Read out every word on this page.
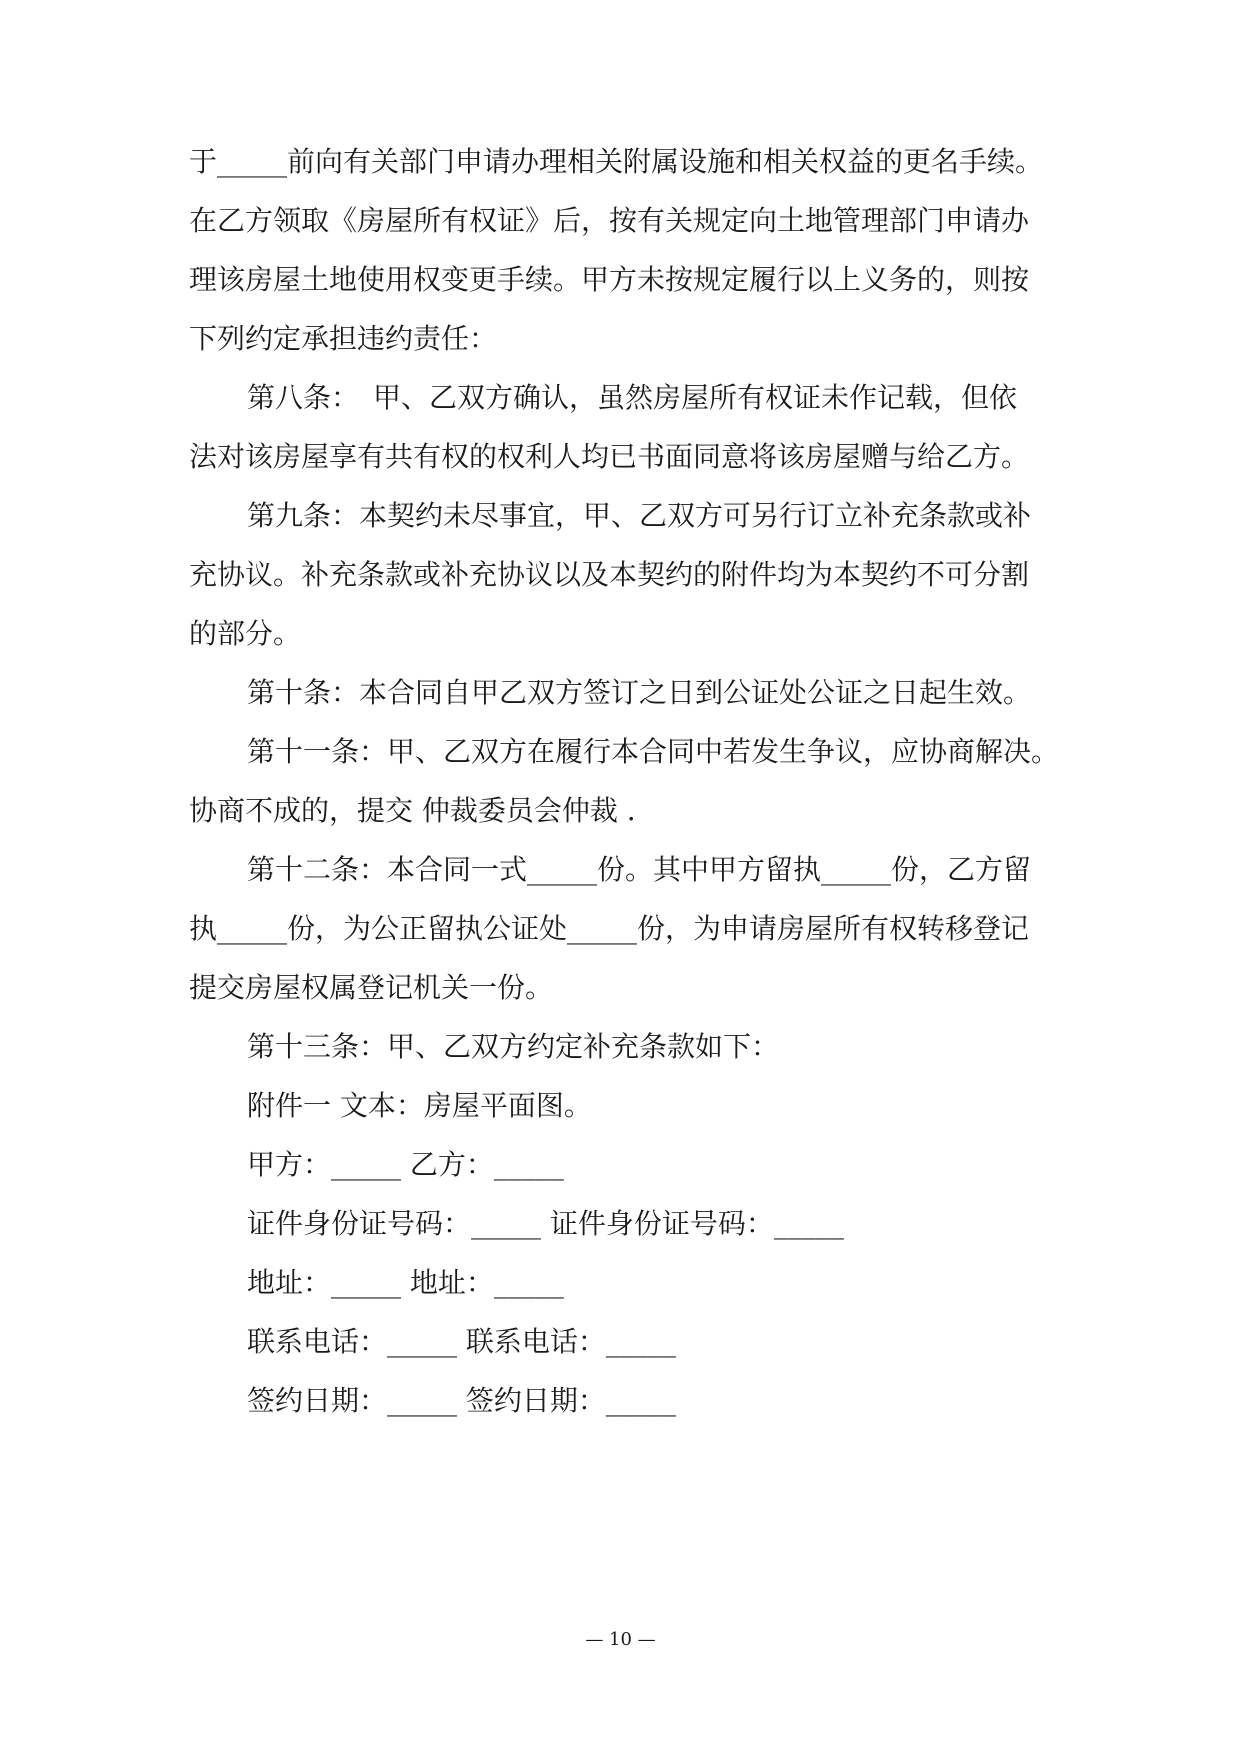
于_____前向有关部门申请办理相关附属设施和相关权益的更名手续。
在乙方领取《房屋所有权证》后，按有关规定向土地管理部门申请办
理该房屋土地使用权变更手续。甲方未按规定履行以上义务的，则按
下列约定承担违约责任：
第八条：　甲、乙双方确认，虽然房屋所有权证未作记载，但依
法对该房屋享有共有权的权利人均已书面同意将该房屋赠与给乙方。
第九条：本契约未尽事宜，甲、乙双方可另行订立补充条款或补
充协议。补充条款或补充协议以及本契约的附件均为本契约不可分割
的部分。
第十条：本合同自甲乙双方签订之日到公证处公证之日起生效。
第十一条：甲、乙双方在履行本合同中若发生争议，应协商解决。
协商不成的，提交 仲裁委员会仲裁 .
第十二条：本合同一式_____份。其中甲方留执_____份，乙方留
执_____份，为公正留执公证处_____份，为申请房屋所有权转移登记
提交房屋权属登记机关一份。
第十三条：甲、乙双方约定补充条款如下：
附件一 文本：房屋平面图。
甲方：_____ 乙方：_____
证件身份证号码：_____ 证件身份证号码：_____
地址：_____ 地址：_____
联系电话：_____ 联系电话：_____
签约日期：_____ 签约日期：_____
— 10 —
